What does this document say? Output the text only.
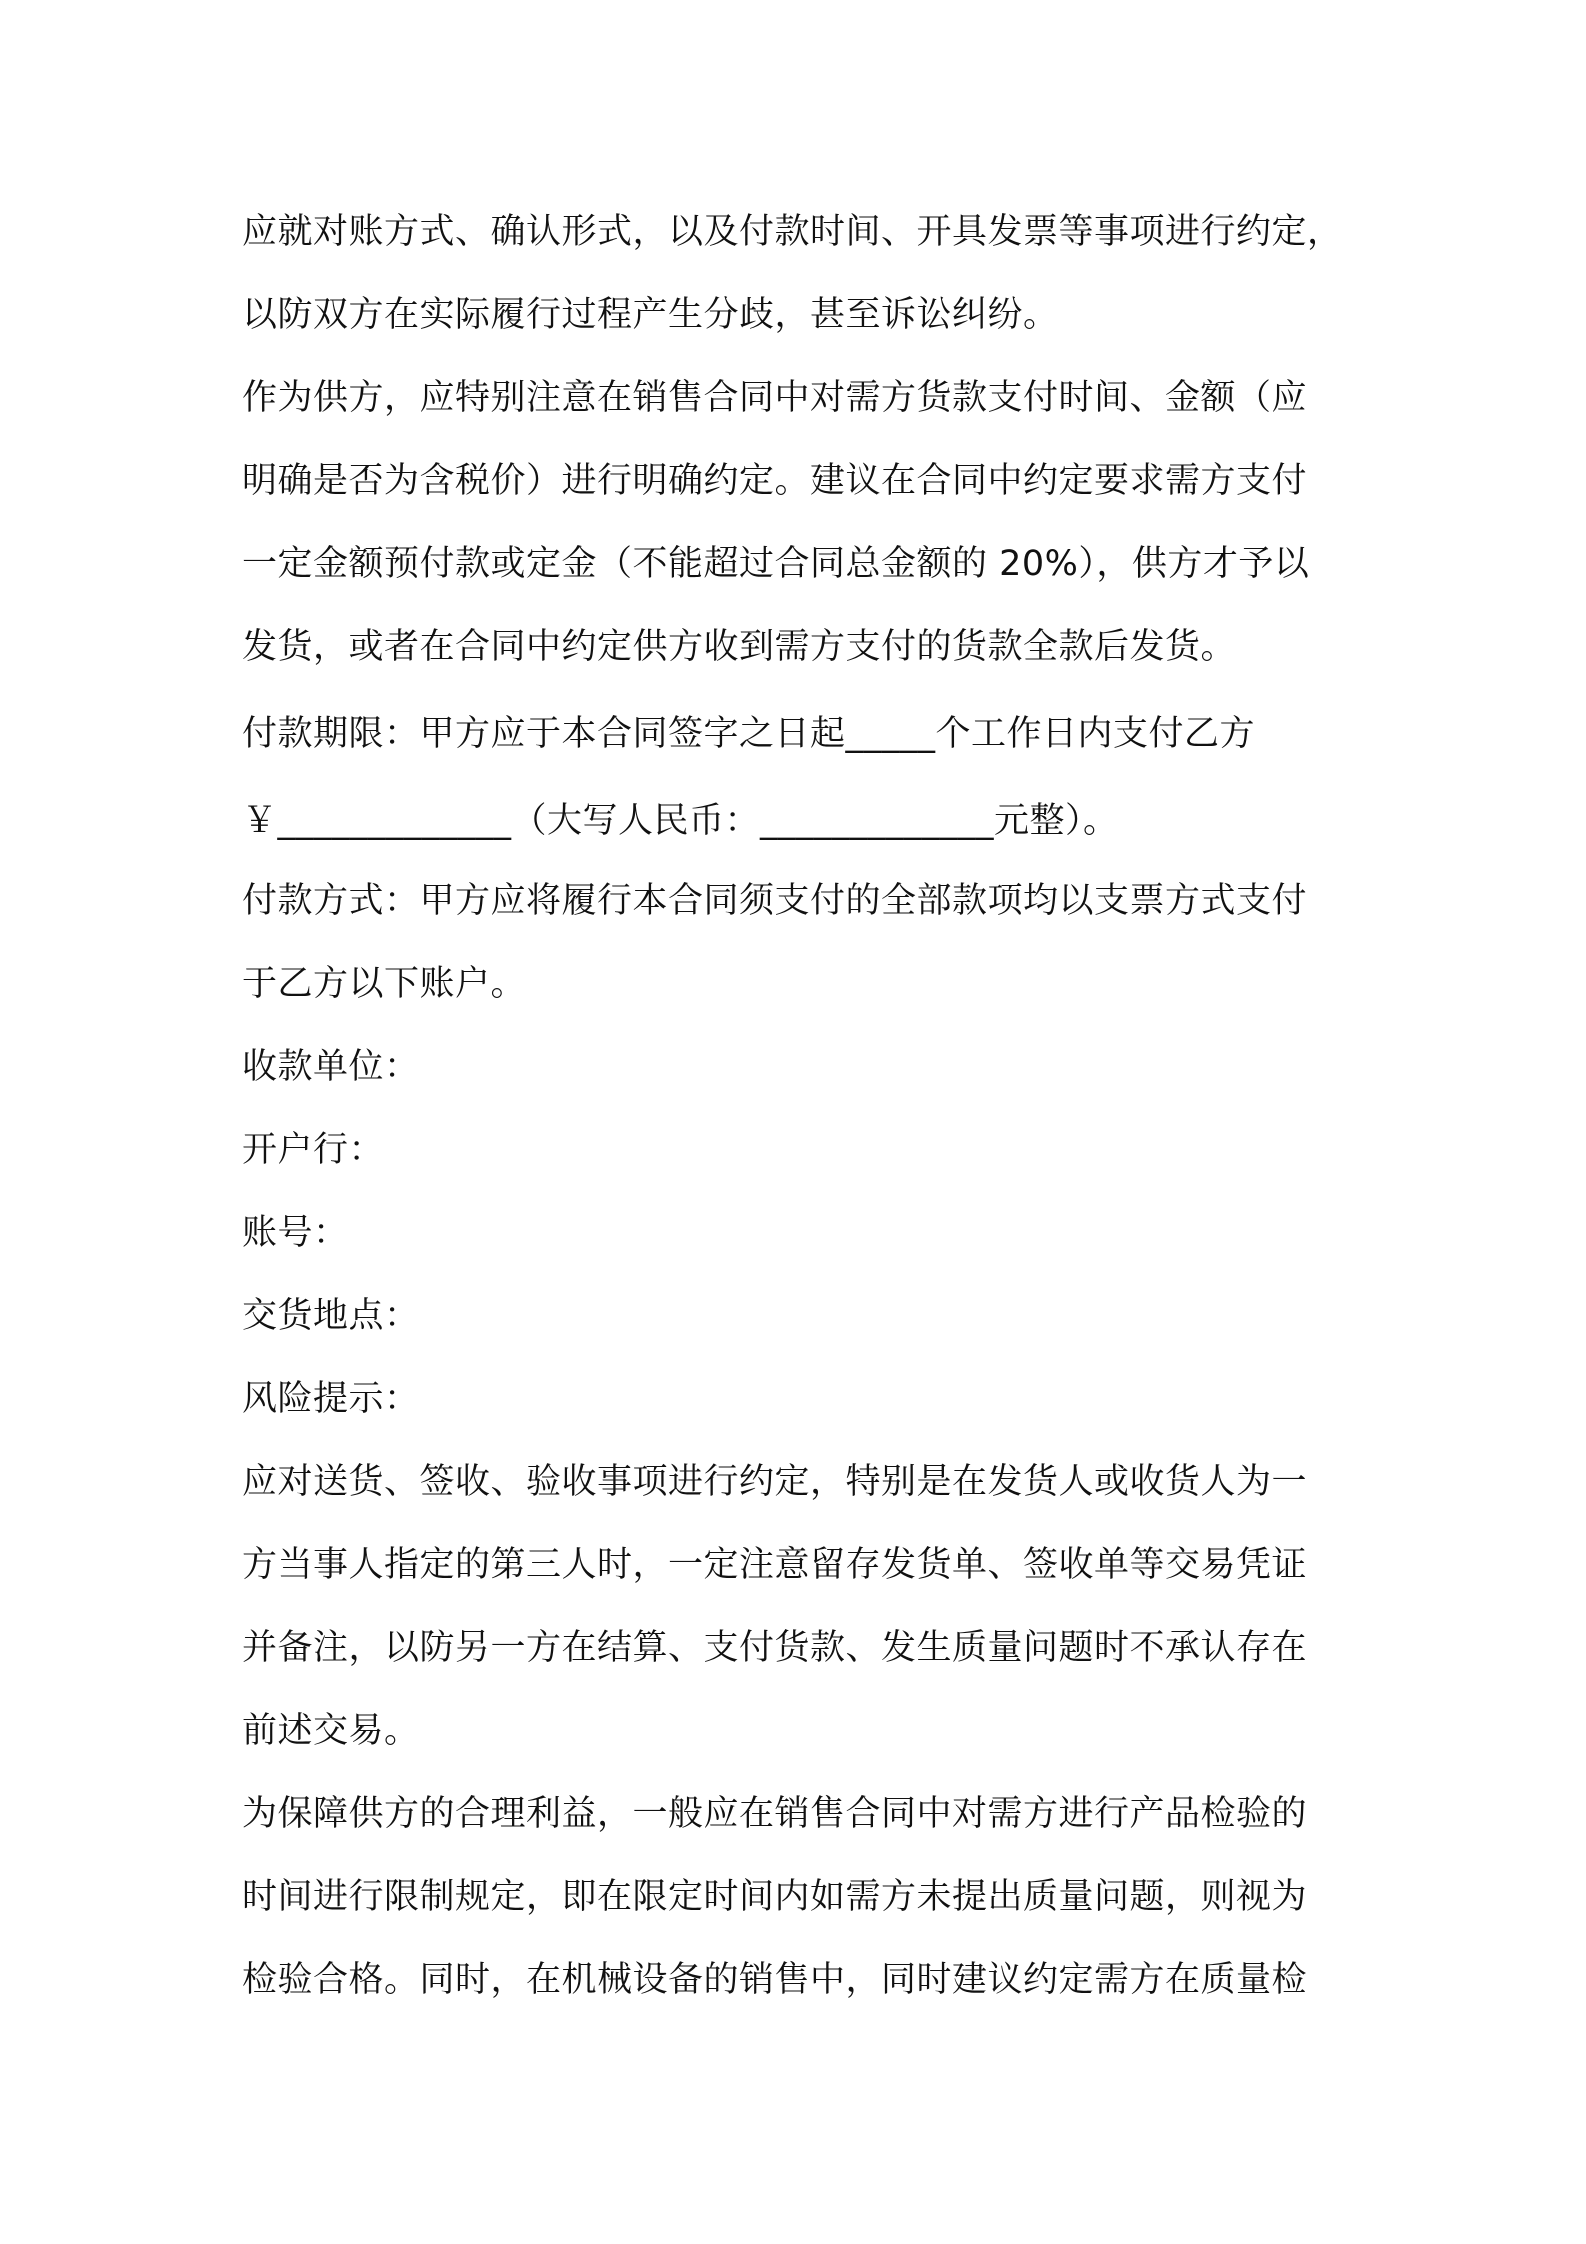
应就对账方式、确认形式，以及付款时间、开具发票等事项进行约定，
以防双方在实际履行过程产生分歧，甚至诉讼纠纷。
作为供方，应特别注意在销售合同中对需方货款支付时间、金额（应
明确是否为含税价）进行明确约定。建议在合同中约定要求需方支付
一定金额预付款或定金（不能超过合同总金额的 20%），供方才予以
发货，或者在合同中约定供方收到需方支付的货款全款后发货。
付款期限：甲方应于本合同签字之日起_____个工作日内支付乙方
￥_____________（大写人民币：_____________元整）。
付款方式：甲方应将履行本合同须支付的全部款项均以支票方式支付
于乙方以下账户。
收款单位：
开户行：
账号：
交货地点：
风险提示：
应对送货、签收、验收事项进行约定，特别是在发货人或收货人为一
方当事人指定的第三人时，一定注意留存发货单、签收单等交易凭证
并备注，以防另一方在结算、支付货款、发生质量问题时不承认存在
前述交易。
为保障供方的合理利益，一般应在销售合同中对需方进行产品检验的
时间进行限制规定，即在限定时间内如需方未提出质量问题，则视为
检验合格。同时，在机械设备的销售中，同时建议约定需方在质量检
